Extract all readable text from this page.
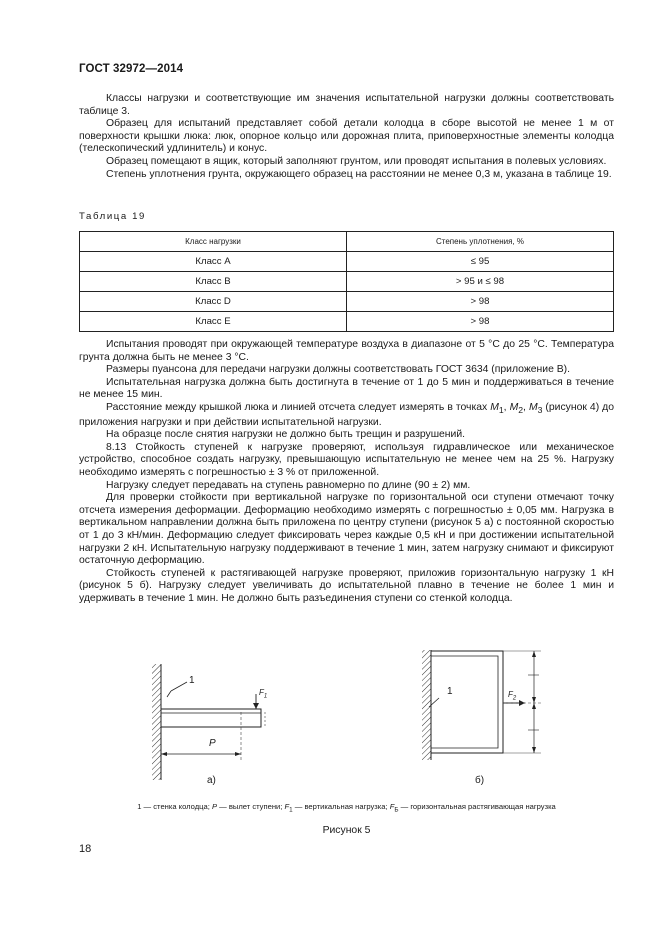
ГОСТ 32972—2014

Классы нагрузки и соответствующие им значения испытательной нагрузки должны соответствовать таблице 3.

Образец для испытаний представляет собой детали колодца в сборе высотой не менее 1 м от поверхности крышки люка: люк, опорное кольцо или дорожная плита, приповерхностные элементы колодца (телескопический удлинитель) и конус.

Образец помещают в ящик, который заполняют грунтом, или проводят испытания в полевых условиях.

Степень уплотнения грунта, окружающего образец на расстоянии не менее 0,3 м, указана в таблице 19.

Таблица 19
Класс нагрузки	Степень уплотнения, %
Класс А	≤ 95
Класс В	> 95 и ≤ 98
Класс D	> 98
Класс Е	> 98

Испытания проводят при окружающей температуре воздуха в диапазоне от 5 °С до 25 °С. Температура грунта должна быть не менее 3 °С.

Размеры пуансона для передачи нагрузки должны соответствовать ГОСТ 3634 (приложение В).

Испытательная нагрузка должна быть достигнута в течение от 1 до 5 мин и поддерживаться в течение не менее 15 мин.

Расстояние между крышкой люка и линией отсчета следует измерять в точках $M_1$, $M_2$, $M_3$ (рисунок 4) до приложения нагрузки и при действии испытательной нагрузки.

На образце после снятия нагрузки не должно быть трещин и разрушений.

8.13 Стойкость ступеней к нагрузке проверяют, используя гидравлическое или механическое устройство, способное создать нагрузку, превышающую испытательную не менее чем на 25 %. Нагрузку необходимо измерять с погрешностью ± 3 % от приложенной.

Нагрузку следует передавать на ступень равномерно по длине (90 ± 2) мм.

Для проверки стойкости при вертикальной нагрузке по горизонтальной оси ступени отмечают точку отсчета измерения деформации. Деформацию необходимо измерять с погрешностью ± 0,05 мм. Нагрузка в вертикальном направлении должна быть приложена по центру ступени (рисунок 5 а) с постоянной скоростью от 1 до 3 кН/мин. Деформацию следует фиксировать через каждые 0,5 кН и при достижении испытательной нагрузки 2 кН. Испытательную нагрузку поддерживают в течение 1 мин, затем нагрузку снимают и фиксируют остаточную деформацию.

Стойкость ступеней к растягивающей нагрузке проверяют, приложив горизонтальную нагрузку 1 кН (рисунок 5 б). Нагрузку следует увеличивать до испытательной плавно в течение не более 1 мин и удерживать в течение 1 мин. Не должно быть разъединения ступени со стенкой колодца.

1
$F_1$
P
а)
1	$F_2$
б)
1 — стенка колодца; P — вылет ступени; $F_1$ — вертикальная нагрузка; $F_Б$ — горизонтальная растягивающая нагрузка
Рисунок 5
18
